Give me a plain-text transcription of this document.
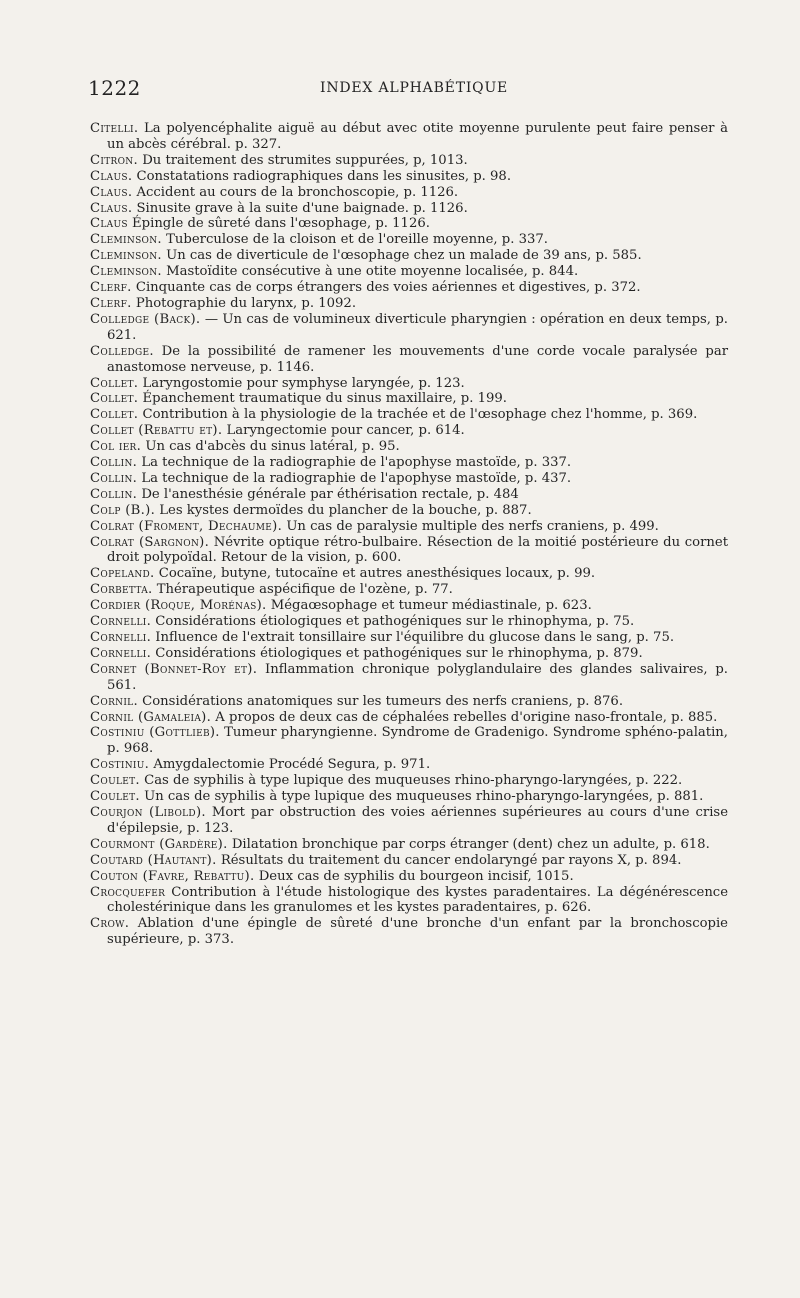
1222	INDEX ALPHABÉTIQUE

Citelli. La polyencéphalite aiguë au début avec otite moyenne purulente peut faire penser à un abcès cérébral. p. 327.

Citron. Du traitement des strumites suppurées, p, 1013.

Claus. Constatations radiographiques dans les sinusites, p. 98.

Claus. Accident au cours de la bronchoscopie, p. 1126.

Claus. Sinusite grave à la suite d'une baignade. p. 1126.

Claus Épingle de sûreté dans l'œsophage, p. 1126.

Cleminson. Tuberculose de la cloison et de l'oreille moyenne, p. 337.

Cleminson. Un cas de diverticule de l'œsophage chez un malade de 39 ans, p. 585.

Cleminson. Mastoïdite consécutive à une otite moyenne localisée, p. 844.

Clerf. Cinquante cas de corps étrangers des voies aériennes et digestives, p. 372.

Clerf. Photographie du larynx, p. 1092.

Colledge (Back). — Un cas de volumineux diverticule pharyngien : opération en deux temps, p. 621.

Colledge. De la possibilité de ramener les mouvements d'une corde vocale paralysée par anastomose nerveuse, p. 1146.

Collet. Laryngostomie pour symphyse laryngée, p. 123.

Collet. Épanchement traumatique du sinus maxillaire, p. 199.

Collet. Contribution à la physiologie de la trachée et de l'œsophage chez l'homme, p. 369.

Collet (Rebattu et). Laryngectomie pour cancer, p. 614.

Col ier. Un cas d'abcès du sinus latéral, p. 95.

Collin. La technique de la radiographie de l'apophyse mastoïde, p. 337.

Collin. La technique de la radiographie de l'apophyse mastoïde, p. 437.

Collin. De l'anesthésie générale par éthérisation rectale, p. 484

Colp (B.). Les kystes dermoïdes du plancher de la bouche, p. 887.

Colrat (Froment, Dechaume). Un cas de paralysie multiple des nerfs craniens, p. 499.

Colrat (Sargnon). Névrite optique rétro-bulbaire. Résection de la moitié postérieure du cornet droit polypoïdal. Retour de la vision, p. 600.

Copeland. Cocaïne, butyne, tutocaïne et autres anesthésiques locaux, p. 99.

Corbetta. Thérapeutique aspécifique de l'ozène, p. 77.

Cordier (Roque, Morénas). Mégaœsophage et tumeur médiastinale, p. 623.

Cornelli. Considérations étiologiques et pathogéniques sur le rhinophyma, p. 75.

Cornelli. Influence de l'extrait tonsillaire sur l'équilibre du glucose dans le sang, p. 75.

Cornelli. Considérations étiologiques et pathogéniques sur le rhinophyma, p. 879.

Cornet (Bonnet-Roy et). Inflammation chronique polyglandulaire des glandes salivaires, p. 561.

Cornil. Considérations anatomiques sur les tumeurs des nerfs craniens, p. 876.

Cornil (Gamaleia). A propos de deux cas de céphalées rebelles d'origine naso-frontale, p. 885.

Costiniu (Gottlieb). Tumeur pharyngienne. Syndrome de Gradenigo. Syndrome sphéno-palatin, p. 968.

Costiniu. Amygdalectomie Procédé Segura, p. 971.

Coulet. Cas de syphilis à type lupique des muqueuses rhino-pharyngo-laryngées, p. 222.

Coulet. Un cas de syphilis à type lupique des muqueuses rhino-pharyngo-laryngées, p. 881.

Courjon (Libold). Mort par obstruction des voies aériennes supérieures au cours d'une crise d'épilepsie, p. 123.

Courmont (Gardère). Dilatation bronchique par corps étranger (dent) chez un adulte, p. 618.

Coutard (Hautant). Résultats du traitement du cancer endolaryngé par rayons X, p. 894.

Couton (Favre, Rebattu). Deux cas de syphilis du bourgeon incisif, 1015.

Crocquefer Contribution à l'étude histologique des kystes paradentaires. La dégénérescence cholestérinique dans les granulomes et les kystes paradentaires, p. 626.

Crow. Ablation d'une épingle de sûreté d'une bronche d'un enfant par la bronchoscopie supérieure, p. 373.
